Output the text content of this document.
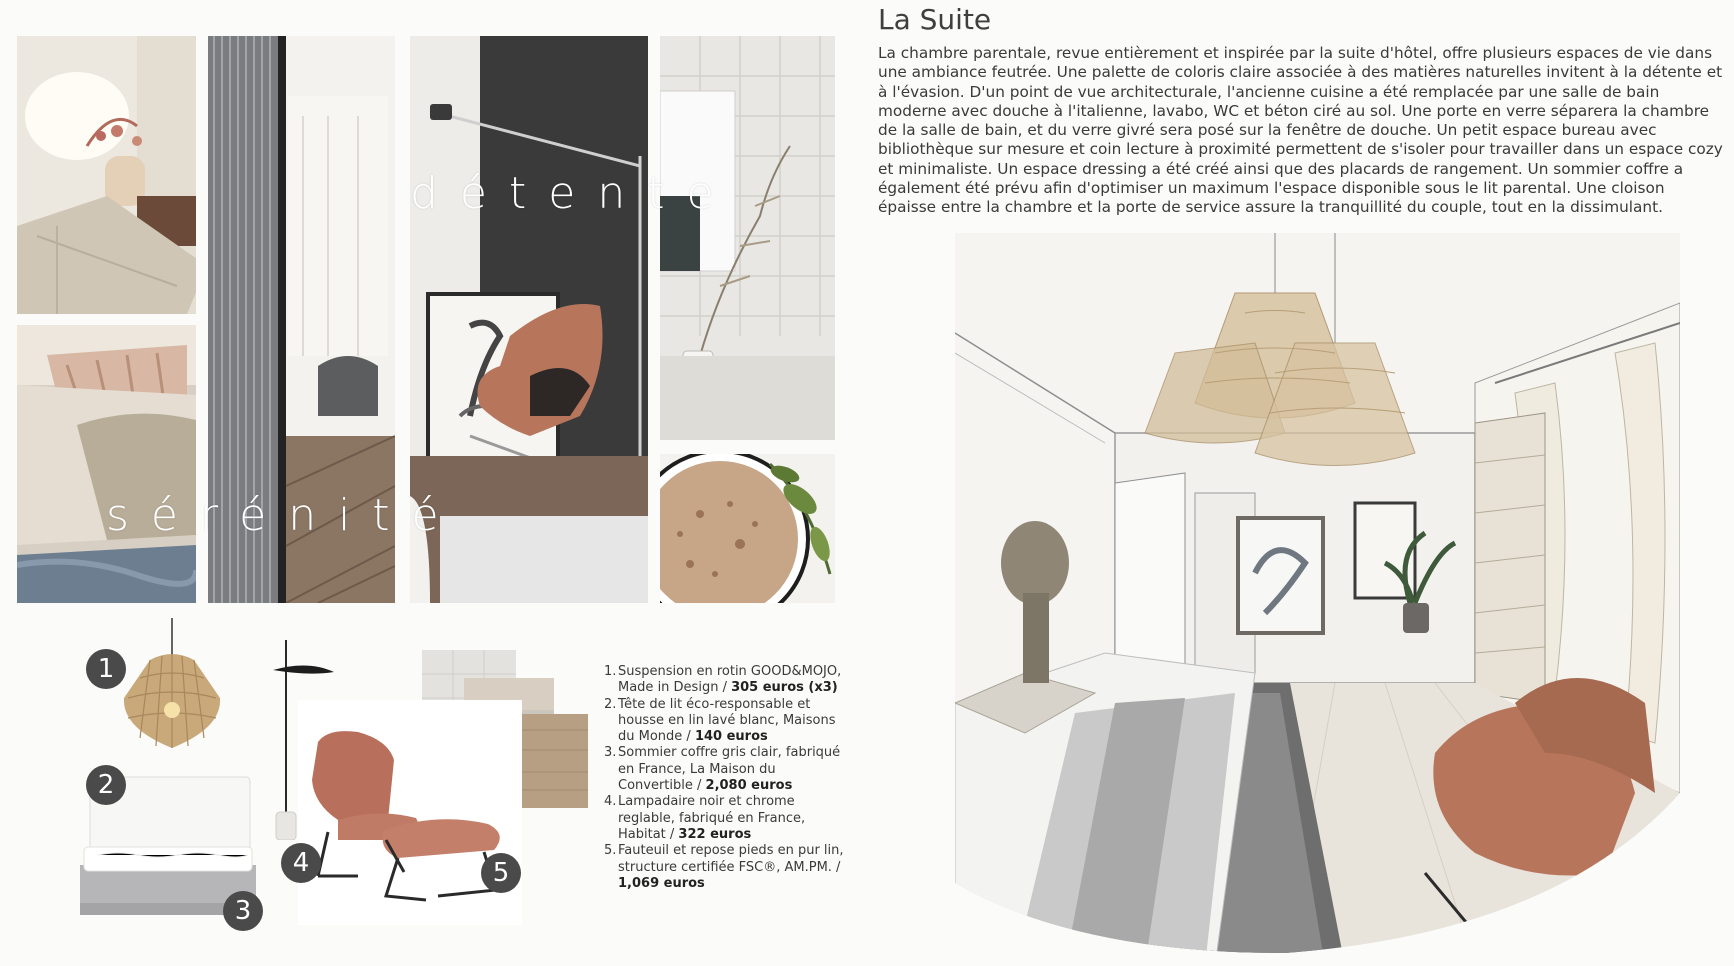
détente
sérénité
1
2
3
4	5
1. Suspension en rotin GOOD&MOJO, Made in Design / 305 euros (x3)
2. Tête de lit éco-responsable et housse en lin lavé blanc, Maisons du Monde / 140 euros
3. Sommier coffre gris clair, fabriqué en France, La Maison du Convertible / 2,080 euros
4. Lampadaire noir et chrome reglable, fabriqué en France, Habitat / 322 euros
5. Fauteuil et repose pieds en pur lin, structure certifiée FSC®, AM.PM. / 1,069 euros
La Suite

La chambre parentale, revue entièrement et inspirée par la suite d'hôtel, offre plusieurs espaces de vie dans une ambiance feutrée. Une palette de coloris claire associée à des matières naturelles invitent à la détente et à l'évasion. D'un point de vue architecturale, l'ancienne cuisine a été remplacée par une salle de bain moderne avec douche à l'italienne, lavabo, WC et béton ciré au sol. Une porte en verre séparera la chambre de la salle de bain, et du verre givré sera posé sur la fenêtre de douche. Un petit espace bureau avec bibliothèque sur mesure et coin lecture à proximité permettent de s'isoler pour travailler dans un espace cozy et minimaliste. Un espace dressing a été créé ainsi que des placards de rangement. Un sommier coffre a également été prévu afin d'optimiser un maximum l'espace disponible sous le lit parental. Une cloison épaisse entre la chambre et la porte de service assure la tranquillité du couple, tout en la dissimulant.
